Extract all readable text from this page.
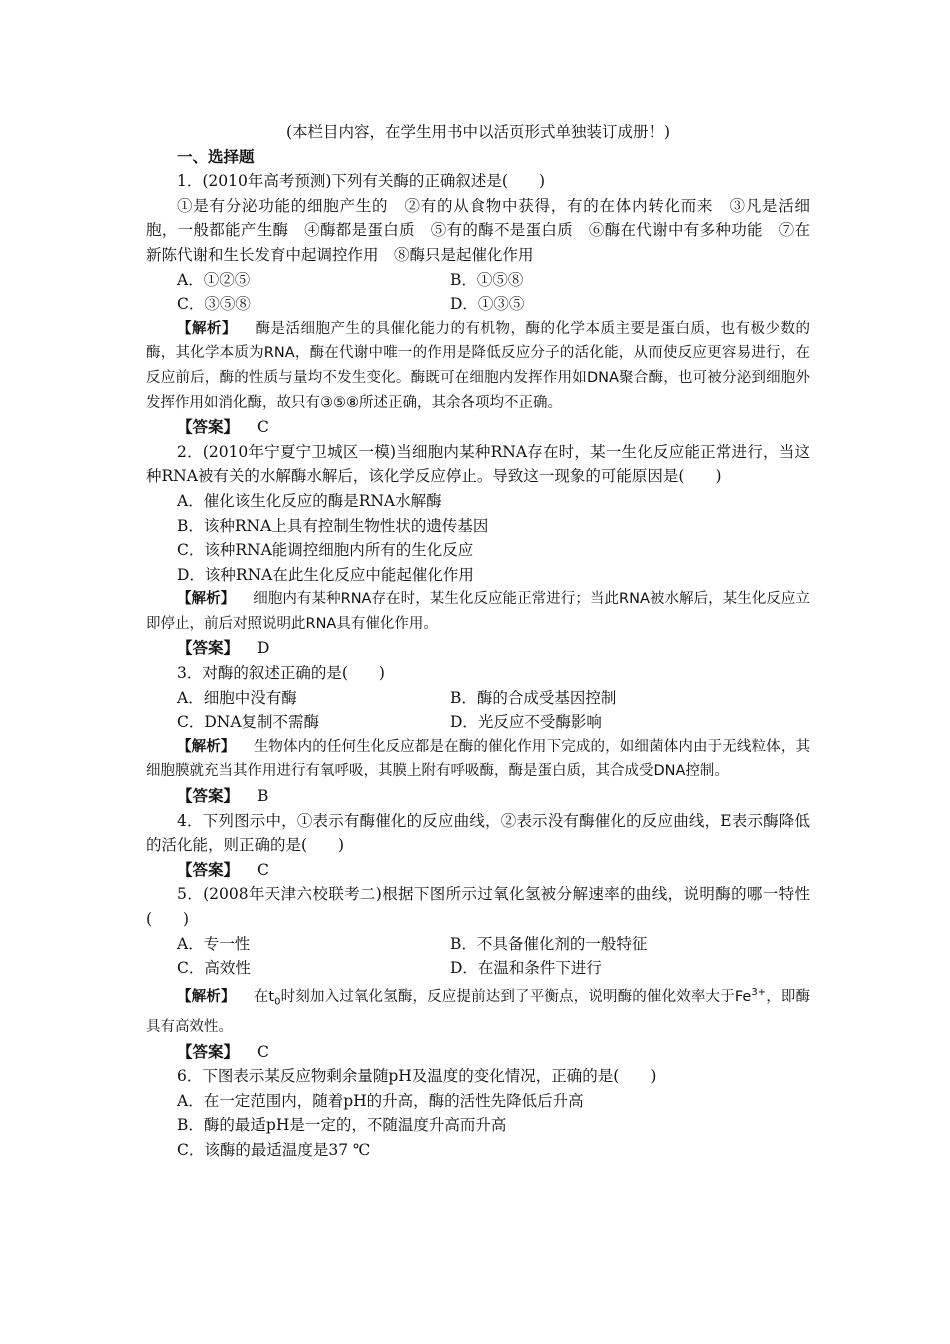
(本栏目内容，在学生用书中以活页形式单独装订成册！)
一、选择题
1．(2010年高考预测)下列有关酶的正确叙述是(　　)
①是有分泌功能的细胞产生的　②有的从食物中获得，有的在体内转化而来　③凡是活细胞，一般都能产生酶　④酶都是蛋白质　⑤有的酶不是蛋白质　⑥酶在代谢中有多种功能　⑦在新陈代谢和生长发育中起调控作用　⑧酶只是起催化作用
A．①②⑤	B．①⑤⑧
C．③⑤⑧	D．①③⑤
【解析】 酶是活细胞产生的具催化能力的有机物，酶的化学本质主要是蛋白质，也有极少数的酶，其化学本质为RNA，酶在代谢中唯一的作用是降低反应分子的活化能，从而使反应更容易进行，在反应前后，酶的性质与量均不发生变化。酶既可在细胞内发挥作用如DNA聚合酶，也可被分泌到细胞外发挥作用如消化酶，故只有③⑤⑧所述正确，其余各项均不正确。
【答案】 C
2．(2010年宁夏宁卫城区一模)当细胞内某种RNA存在时，某一生化反应能正常进行，当这种RNA被有关的水解酶水解后，该化学反应停止。导致这一现象的可能原因是(　　)
A．催化该生化反应的酶是RNA水解酶
B．该种RNA上具有控制生物性状的遗传基因
C．该种RNA能调控细胞内所有的生化反应
D．该种RNA在此生化反应中能起催化作用
【解析】 细胞内有某种RNA存在时，某生化反应能正常进行；当此RNA被水解后，某生化反应立即停止，前后对照说明此RNA具有催化作用。
【答案】 D
3．对酶的叙述正确的是(　　)
A．细胞中没有酶	B．酶的合成受基因控制
C．DNA复制不需酶	D．光反应不受酶影响
【解析】 生物体内的任何生化反应都是在酶的催化作用下完成的，如细菌体内由于无线粒体，其细胞膜就充当其作用进行有氧呼吸，其膜上附有呼吸酶，酶是蛋白质，其合成受DNA控制。
【答案】 B
4．下列图示中，①表示有酶催化的反应曲线，②表示没有酶催化的反应曲线，E表示酶降低的活化能，则正确的是(　　)
【答案】 C
5．(2008年天津六校联考二)根据下图所示过氧化氢被分解速率的曲线，说明酶的哪一特性(　　)
A．专一性	B．不具备催化剂的一般特征
C．高效性	D．在温和条件下进行
【解析】 在$t_0$时刻加入过氧化氢酶，反应提前达到了平衡点，说明酶的催化效率大于$Fe^{3+}$，即酶具有高效性。
【答案】 C
6．下图表示某反应物剩余量随pH及温度的变化情况，正确的是(　　)
A．在一定范围内，随着pH的升高，酶的活性先降低后升高
B．酶的最适pH是一定的，不随温度升高而升高
C．该酶的最适温度是37 ℃
